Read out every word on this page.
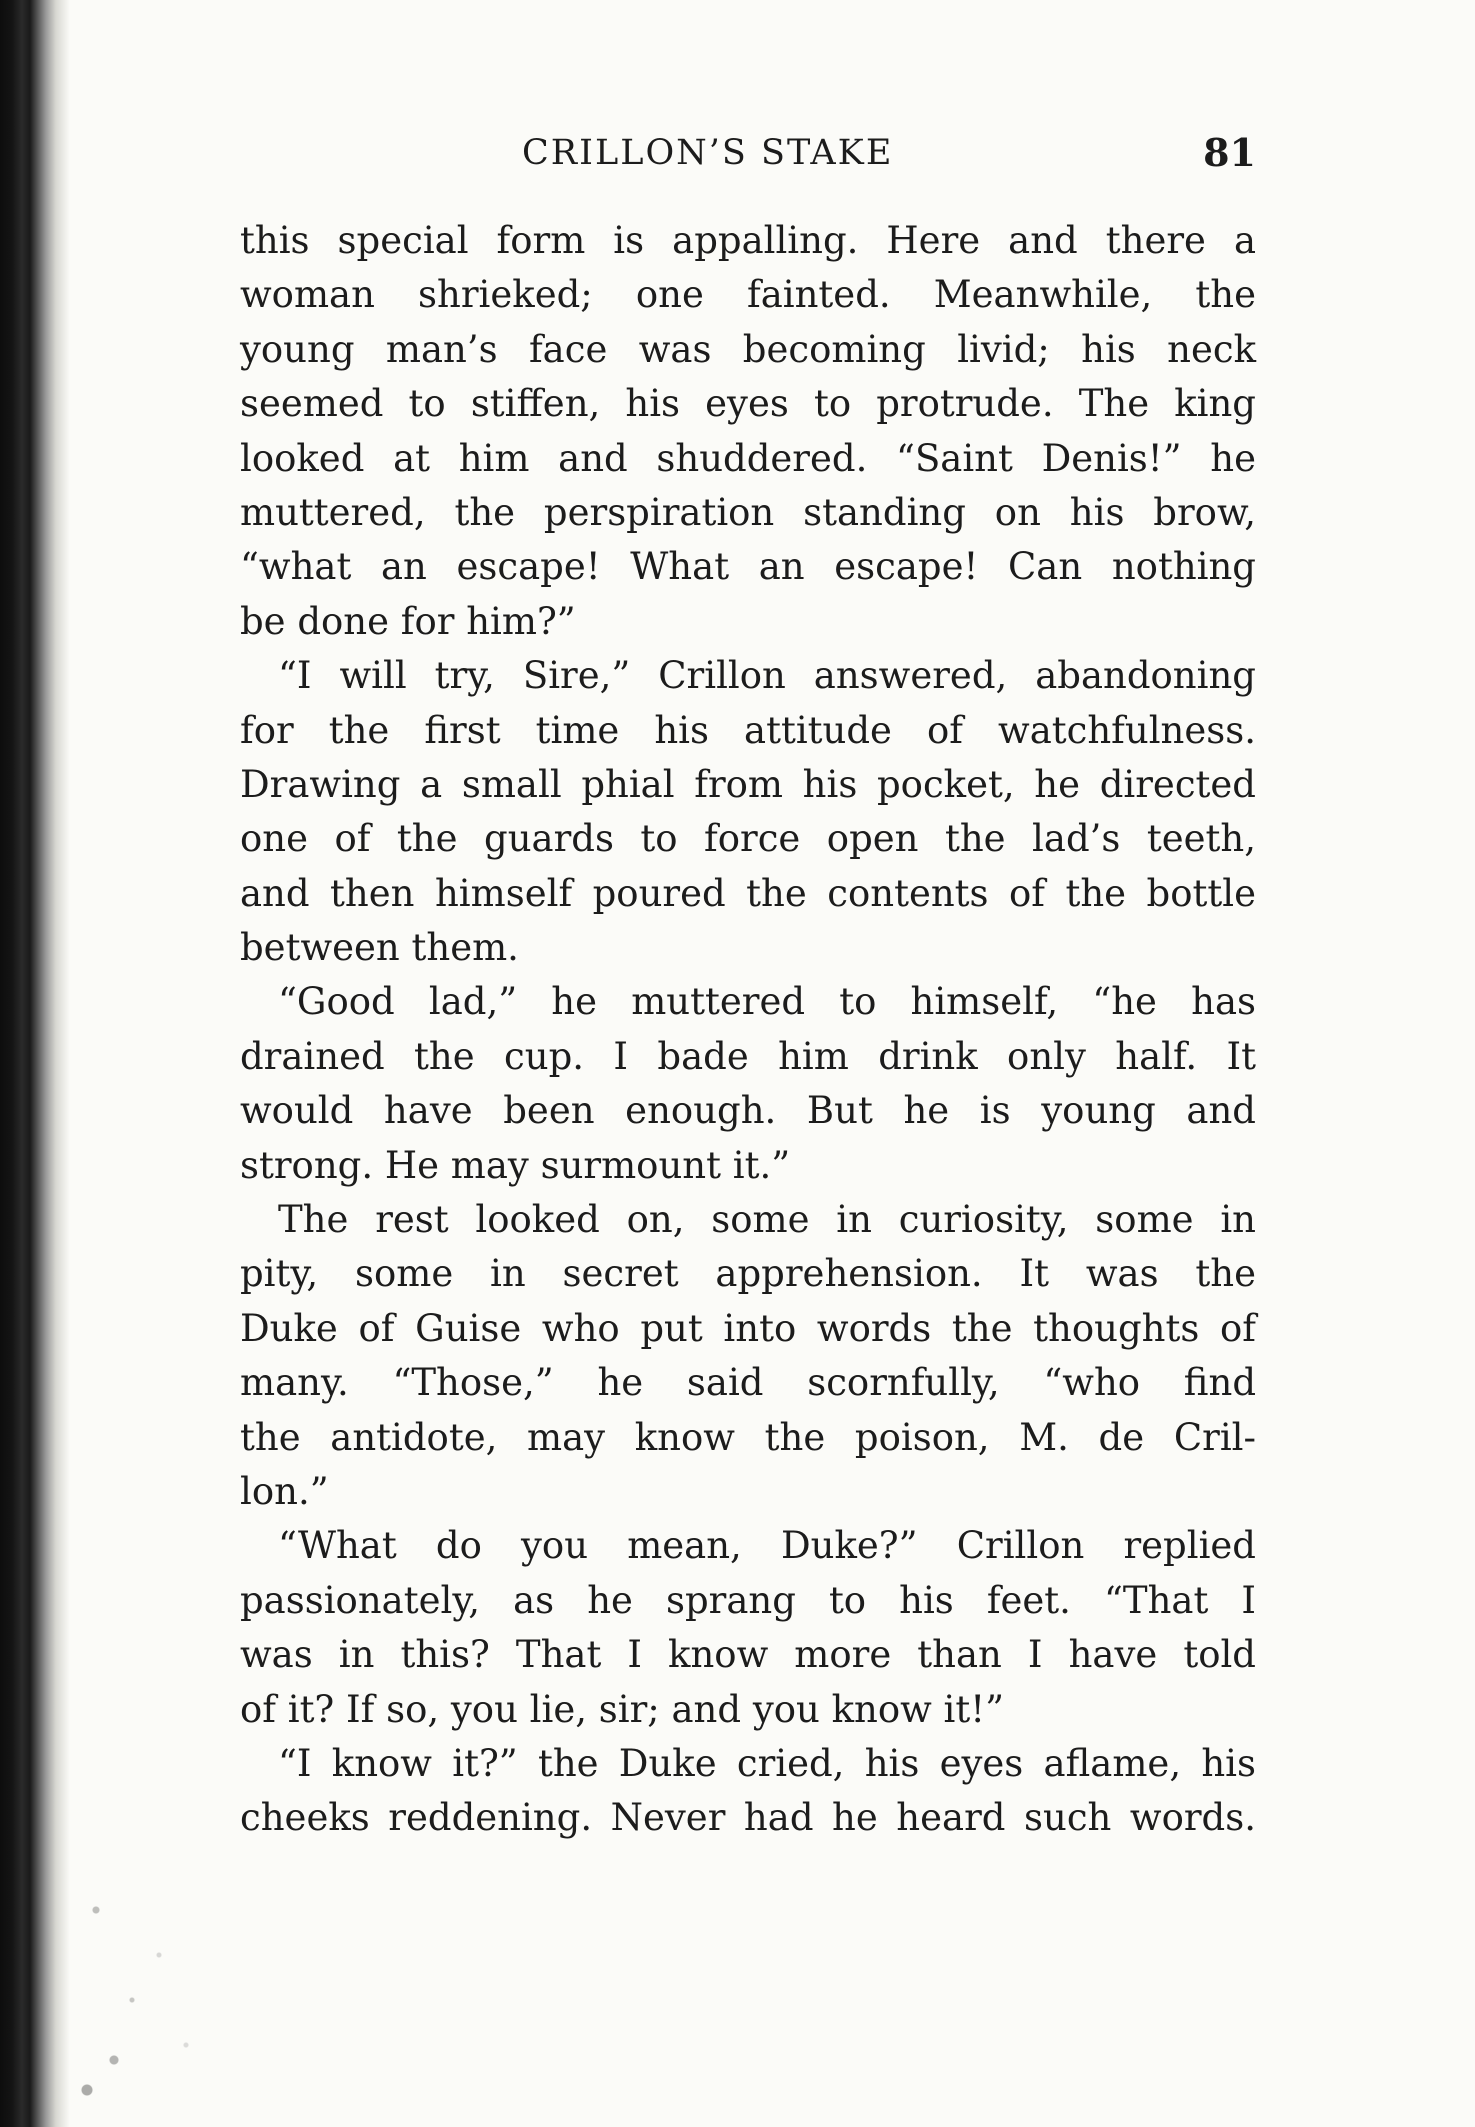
CRILLON’S STAKE	81
this special form is appalling. Here and there a
woman shrieked; one fainted. Meanwhile, the
young man’s face was becoming livid; his neck
seemed to stiffen, his eyes to protrude. The king
looked at him and shuddered. “Saint Denis!” he
muttered, the perspiration standing on his brow,
“what an escape! What an escape! Can nothing
be done for him?”
“I will try, Sire,” Crillon answered, abandoning
for the first time his attitude of watchfulness.
Drawing a small phial from his pocket, he directed
one of the guards to force open the lad’s teeth,
and then himself poured the contents of the bottle
between them.
“Good lad,” he muttered to himself, “he has
drained the cup. I bade him drink only half. It
would have been enough. But he is young and
strong. He may surmount it.”
The rest looked on, some in curiosity, some in
pity, some in secret apprehension. It was the
Duke of Guise who put into words the thoughts of
many. “Those,” he said scornfully, “who find
the antidote, may know the poison, M. de Cril-
lon.”
“What do you mean, Duke?” Crillon replied
passionately, as he sprang to his feet. “That I
was in this? That I know more than I have told
of it? If so, you lie, sir; and you know it!”
“I know it?” the Duke cried, his eyes aflame, his
cheeks reddening. Never had he heard such words.
